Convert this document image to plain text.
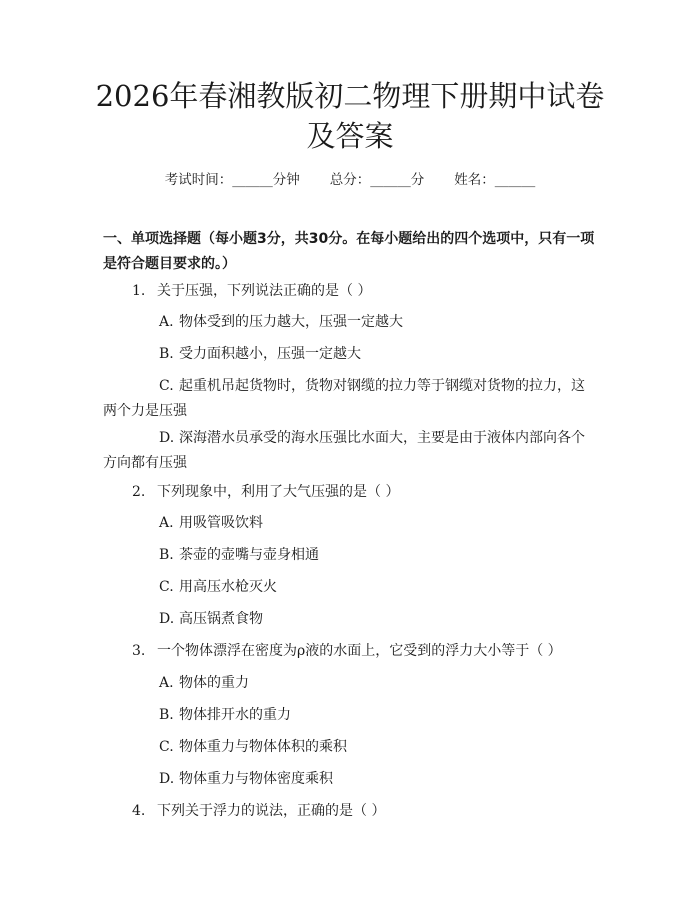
2026年春湘教版初二物理下册期中试卷及答案
考试时间：______分钟 总分：______分 姓名：______
一、单项选择题（每小题3分，共30分。在每小题给出的四个选项中，只有一项是符合题目要求的。）
1. 关于压强，下列说法正确的是（ ）
A. 物体受到的压力越大，压强一定越大
B. 受力面积越小，压强一定越大
C. 起重机吊起货物时，货物对钢缆的拉力等于钢缆对货物的拉力，这两个力是压强
D. 深海潜水员承受的海水压强比水面大，主要是由于液体内部向各个方向都有压强
2. 下列现象中，利用了大气压强的是（ ）
A. 用吸管吸饮料
B. 茶壶的壶嘴与壶身相通
C. 用高压水枪灭火
D. 高压锅煮食物
3. 一个物体漂浮在密度为ρ液的水面上，它受到的浮力大小等于（ ）
A. 物体的重力
B. 物体排开水的重力
C. 物体重力与物体体积的乘积
D. 物体重力与物体密度乘积
4. 下列关于浮力的说法，正确的是（ ）
